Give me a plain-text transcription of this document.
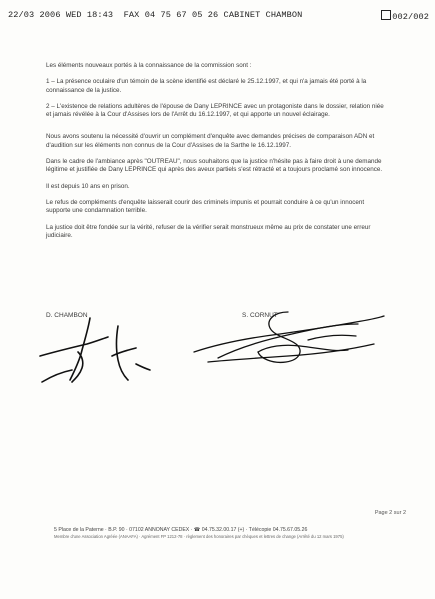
22/03 2006 WED 18:43 FAX 04 75 67 05 26 CABINET CHAMBON	002/002

Les éléments nouveaux portés à la connaissance de la commission sont :

1 – La présence oculaire d'un témoin de la scène identifié est déclaré le 25.12.1997, et qui n'a jamais été porté à la connaissance de la justice.

2 – L'existence de relations adultères de l'épouse de Dany LEPRINCE avec un protagoniste dans le dossier, relation niée et jamais révélée à la Cour d'Assises lors de l'Arrêt du 16.12.1997, et qui apporte un nouvel éclairage.

Nous avons soutenu la nécessité d'ouvrir un complément d'enquête avec demandes précises de comparaison ADN et d'audition sur les éléments non connus de la Cour d'Assises de la Sarthe le 16.12.1997.

Dans le cadre de l'ambiance après "OUTREAU", nous souhaitons que la justice n'hésite pas à faire droit à une demande légitime et justifiée de Dany LEPRINCE qui après des aveux partiels s'est rétracté et a toujours proclamé son innocence.

Il est depuis 10 ans en prison.

Le refus de compléments d'enquête laisserait courir des criminels impunis et pourrait conduire à ce qu'un innocent supporte une condamnation terrible.

La justice doit être fondée sur la vérité, refuser de la vérifier serait monstrueux même au prix de constater une erreur judiciaire.

D. CHAMBON	S. CORNUT
Page 2 sur 2
5 Place de la Paterne · B.P. 90 · 07102 ANNONAY CEDEX · ☎ 04.75.32.00.17 (+) · Télécopie 04.75.67.05.26
Membre d'une Association Agréée (ANAAFA) · Agrément FP 1212-78 · règlement des honoraires par chèques et lettres de change (Arrêté du 12 mars 1975)
